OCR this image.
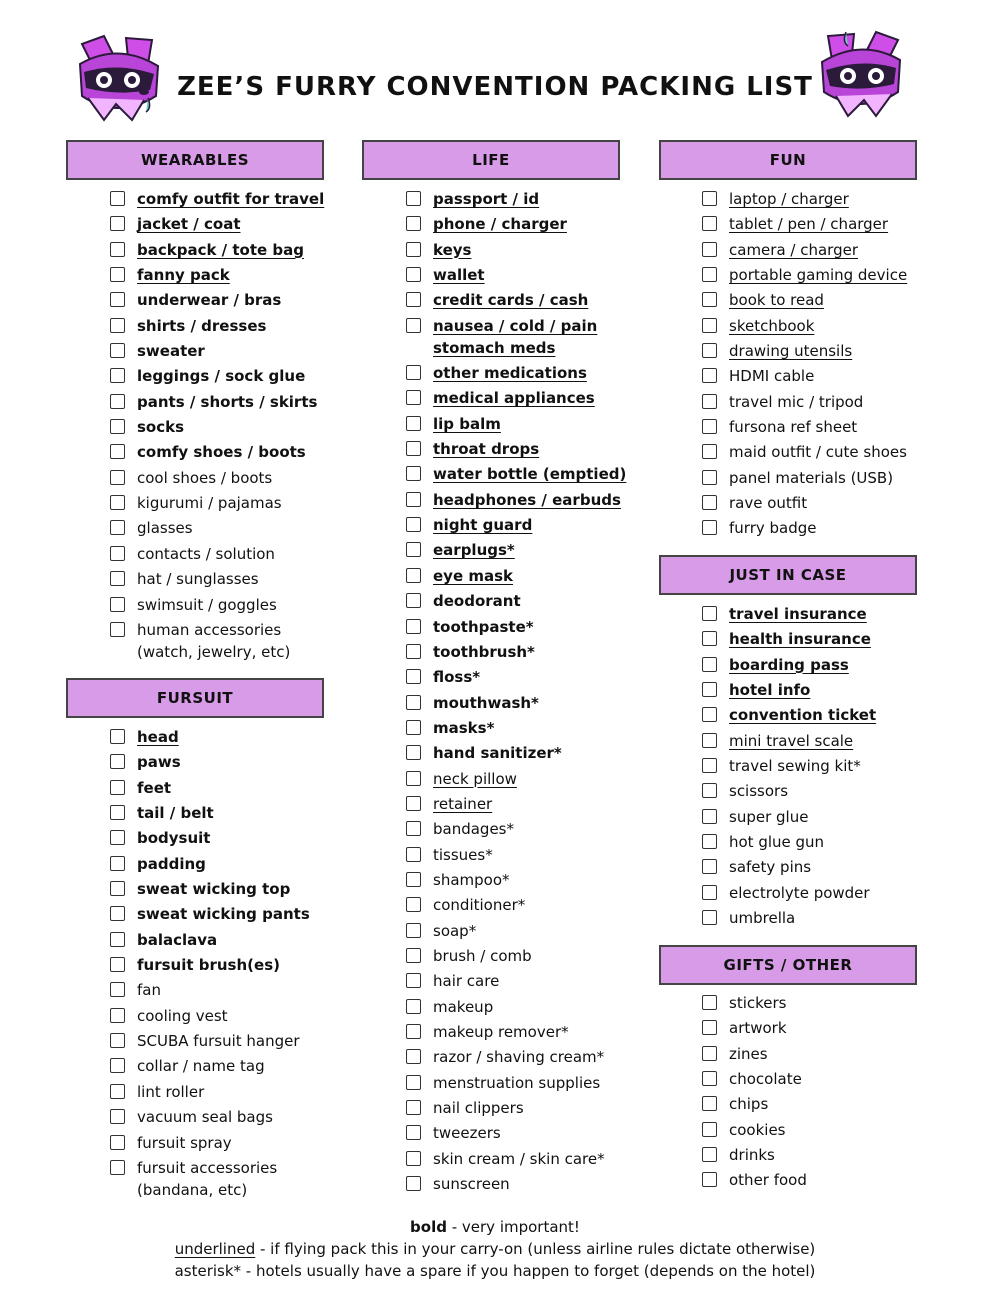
ZEE’S FURRY CONVENTION PACKING LIST
WEARABLES
comfy outfit for travel
jacket / coat
backpack / tote bag
fanny pack
underwear / bras
shirts / dresses
sweater
leggings / sock glue
pants / shorts / skirts
socks
comfy shoes / boots
cool shoes / boots
kigurumi / pajamas
glasses
contacts / solution
hat / sunglasses
swimsuit / goggles
human accessories
(watch, jewelry, etc)
FURSUIT
head
paws
feet
tail / belt
bodysuit
padding
sweat wicking top
sweat wicking pants
balaclava
fursuit brush(es)
fan
cooling vest
SCUBA fursuit hanger
collar / name tag
lint roller
vacuum seal bags
fursuit spray
fursuit accessories
(bandana, etc)
LIFE
passport / id
phone / charger
keys
wallet
credit cards / cash
nausea / cold / pain
stomach meds
other medications
medical appliances
lip balm
throat drops
water bottle (emptied)
headphones / earbuds
night guard
earplugs*
eye mask
deodorant
toothpaste*
toothbrush*
floss*
mouthwash*
masks*
hand sanitizer*
neck pillow
retainer
bandages*
tissues*
shampoo*
conditioner*
soap*
brush / comb
hair care
makeup
makeup remover*
razor / shaving cream*
menstruation supplies
nail clippers
tweezers
skin cream / skin care*
sunscreen
FUN
laptop / charger
tablet / pen / charger
camera / charger
portable gaming device
book to read
sketchbook
drawing utensils
HDMI cable
travel mic / tripod
fursona ref sheet
maid outfit / cute shoes
panel materials (USB)
rave outfit
furry badge
JUST IN CASE
travel insurance
health insurance
boarding pass
hotel info
convention ticket
mini travel scale
travel sewing kit*
scissors
super glue
hot glue gun
safety pins
electrolyte powder
umbrella
GIFTS / OTHER
stickers
artwork
zines
chocolate
chips
cookies
drinks
other food
bold - very important!
underlined - if flying pack this in your carry-on (unless airline rules dictate otherwise)
asterisk* - hotels usually have a spare if you happen to forget (depends on the hotel)
